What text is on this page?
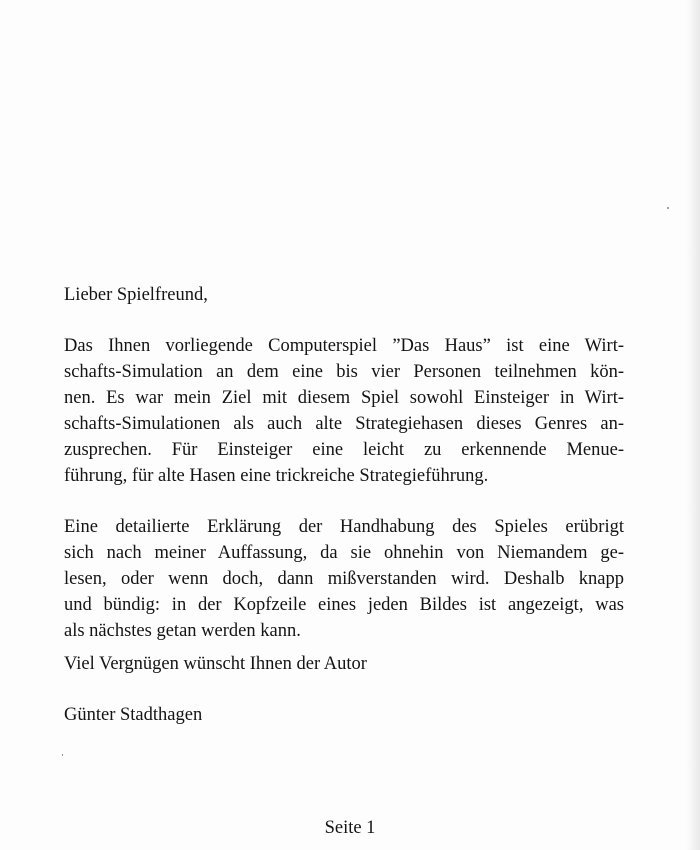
Lieber Spielfreund,

Das Ihnen vorliegende Computerspiel ”Das Haus” ist eine Wirt-
schafts-Simulation an dem eine bis vier Personen teilnehmen kön-
nen. Es war mein Ziel mit diesem Spiel sowohl Einsteiger in Wirt-
schafts-Simulationen als auch alte Strategiehasen dieses Genres an-
zusprechen. Für Einsteiger eine leicht zu erkennende Menue-
führung, für alte Hasen eine trickreiche Strategieführung.
Eine detailierte Erklärung der Handhabung des Spieles erübrigt
sich nach meiner Auffassung, da sie ohnehin von Niemandem ge-
lesen, oder wenn doch, dann mißverstanden wird. Deshalb knapp
und bündig: in der Kopfzeile eines jeden Bildes ist angezeigt, was
als nächstes getan werden kann.

Viel Vergnügen wünscht Ihnen der Autor

Günter Stadthagen
Seite 1
